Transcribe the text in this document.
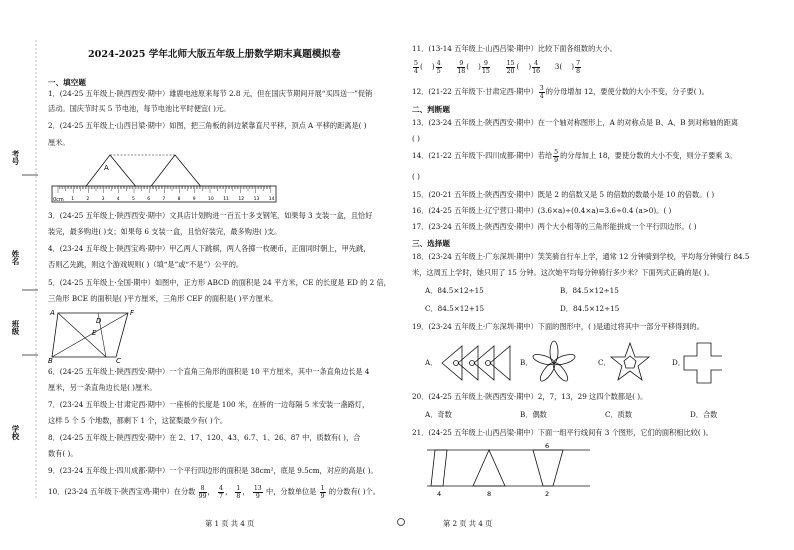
考号
姓名
班级
学校
2024-2025 学年北师大版五年级上册数学期末真题模拟卷
一、填空题
1．(24-25 五年级上·陕西西安·期中）雄鹿电池原来每节 2.8 元，但在国庆节期间开展“买四送一”促销
活动。国庆节时买 5 节电池，每节电池比平时便宜( )元。
2．(24-25 五年级上·山西吕梁·期中）如图，把三角板的斜边紧靠直尺平移，顶点 A 平移的距离是( )
厘米。
A
1	2	3	4	5	6	7	8	9	10 11 12 13 14
0cm
3．(24-25 五年级上·陕西西安·期中）文具店计划购进一百五十多支钢笔，如果每 3 支装一盒，且恰好
装完，最多购进( )支；如果每 6 支装一盒，且恰好装完，最多购进( )支。
4．(23-24 五年级上·陕西宝鸡·期中）甲乙两人下跳棋，两人各掷一枚硬币，正面同时朝上，甲先跳，
否则乙先跳，则这个游戏规则( )（填“是”或“不是”）公平的。
5．(24-25 五年级上·全国·期中）如图中，正方形 ABCD 的面积是 24 平方米，CE 的长度是 ED 的 2 倍，
三角形 BCE 的面积是( )平方厘米，三角形 CEF 的面积是( )平方厘米。
A	F
D
E
B	C
6．(24-25 五年级上·陕西西安·期中）一个直角三角形的面积是 10 平方厘米，其中一条直角边长是 4
厘米，另一条直角边长是( )厘米。
7．(23-24 五年级上·甘肃定西·期中）一座桥的长度是 100 米，在桥的一边每隔 5 米安装一盏路灯，
这样 5 个 5 个地数，都剩下 1 个，这筐梨最少有( )个。
8．(24-25 五年级上·陕西西安·期中）在 2、17、120、43、6.7、1、26、87 中，质数有( )，合
数有( )。
9．(23-24 五年级上·四川成都·期中）一个平行四边形的面积是 38cm²，底是 9.5cm，对应的高是( )。
10．(23-24 五年级下·陕西宝鸡·期中）在分数 $\frac{8}{99}$ ， $\frac{4}{7}$ ， $\frac{1}{8}$ ， $\frac{13}{9}$ 中，分数单位是 $\frac{1}{9}$ 的分数有( )个。
11．(13-14 五年级上·山西吕梁·期中）比较下面各组数的大小。
$\frac{5}{4}$ (    ) $\frac{4}{5}$
	$\frac{9}{18}$ (    ) $\frac{9}{15}$
	$\frac{15}{20}$ (    ) $\frac{4}{16} 3$(    ) $\frac{7}{8}$
12．(21-22 五年级下·甘肃定西·期中） $\frac{3}{4}$ 的分母增加 12，要使分数的大小不变，分子要( )。
二、判断题
13．(23-24 五年级上·陕西西安·期中）在一个轴对称图形上，A 的对称点是 B、A、B 到对称轴的距离
( )
14．(21-22 五年级下·四川成都·期中）若给 $\frac{5}{9}$ 的分母加上 18，要使分数的大小不变，则分子要乘 3。
( )
15．(20-21 五年级上·陕西西安·期中）既是 2 的倍数又是 5 的倍数的数最小是 10 的倍数。( )
16．(24-25 五年级上·辽宁营口·期中）(3.6×a)÷(0.4×a)=3.6÷0.4 (a>0)。( )
17．(23-24 五年级上·陕西西安·期中）两个大小相等的三角形能拼成一个平行四边形。( )
三、选择题
18．(23-24 五年级上·广东深圳·期中）笑笑骑自行车上学，通常 12 分钟骑到学校，平均每分钟骑行 84.5
米，这周五上学时，她只用了 15 分钟。这次她平均每分钟骑行多少米？下面列式正确的是( )。
A．84.5×12÷15	B．84.5×12÷15
C．84.5×12+15	D．84.5×12÷15
19．(23-24 五年级上·广东深圳·期中）下面的图形中，( )是通过将其中一部分平移得到的。
A．	B．	C．	D．
20．(24-25 五年级上·陕西西安·期中）2，7，13，29 这四个数都是( )。
A．奇数	B．偶数	C．质数	D．合数
21．(24-25 五年级上·山西吕梁·期中）下面一组平行线间有 3 个图形，它们的面积相比较( )。
4	8
6
2
第 1 页 共 4 页	第 2 页 共 4 页
